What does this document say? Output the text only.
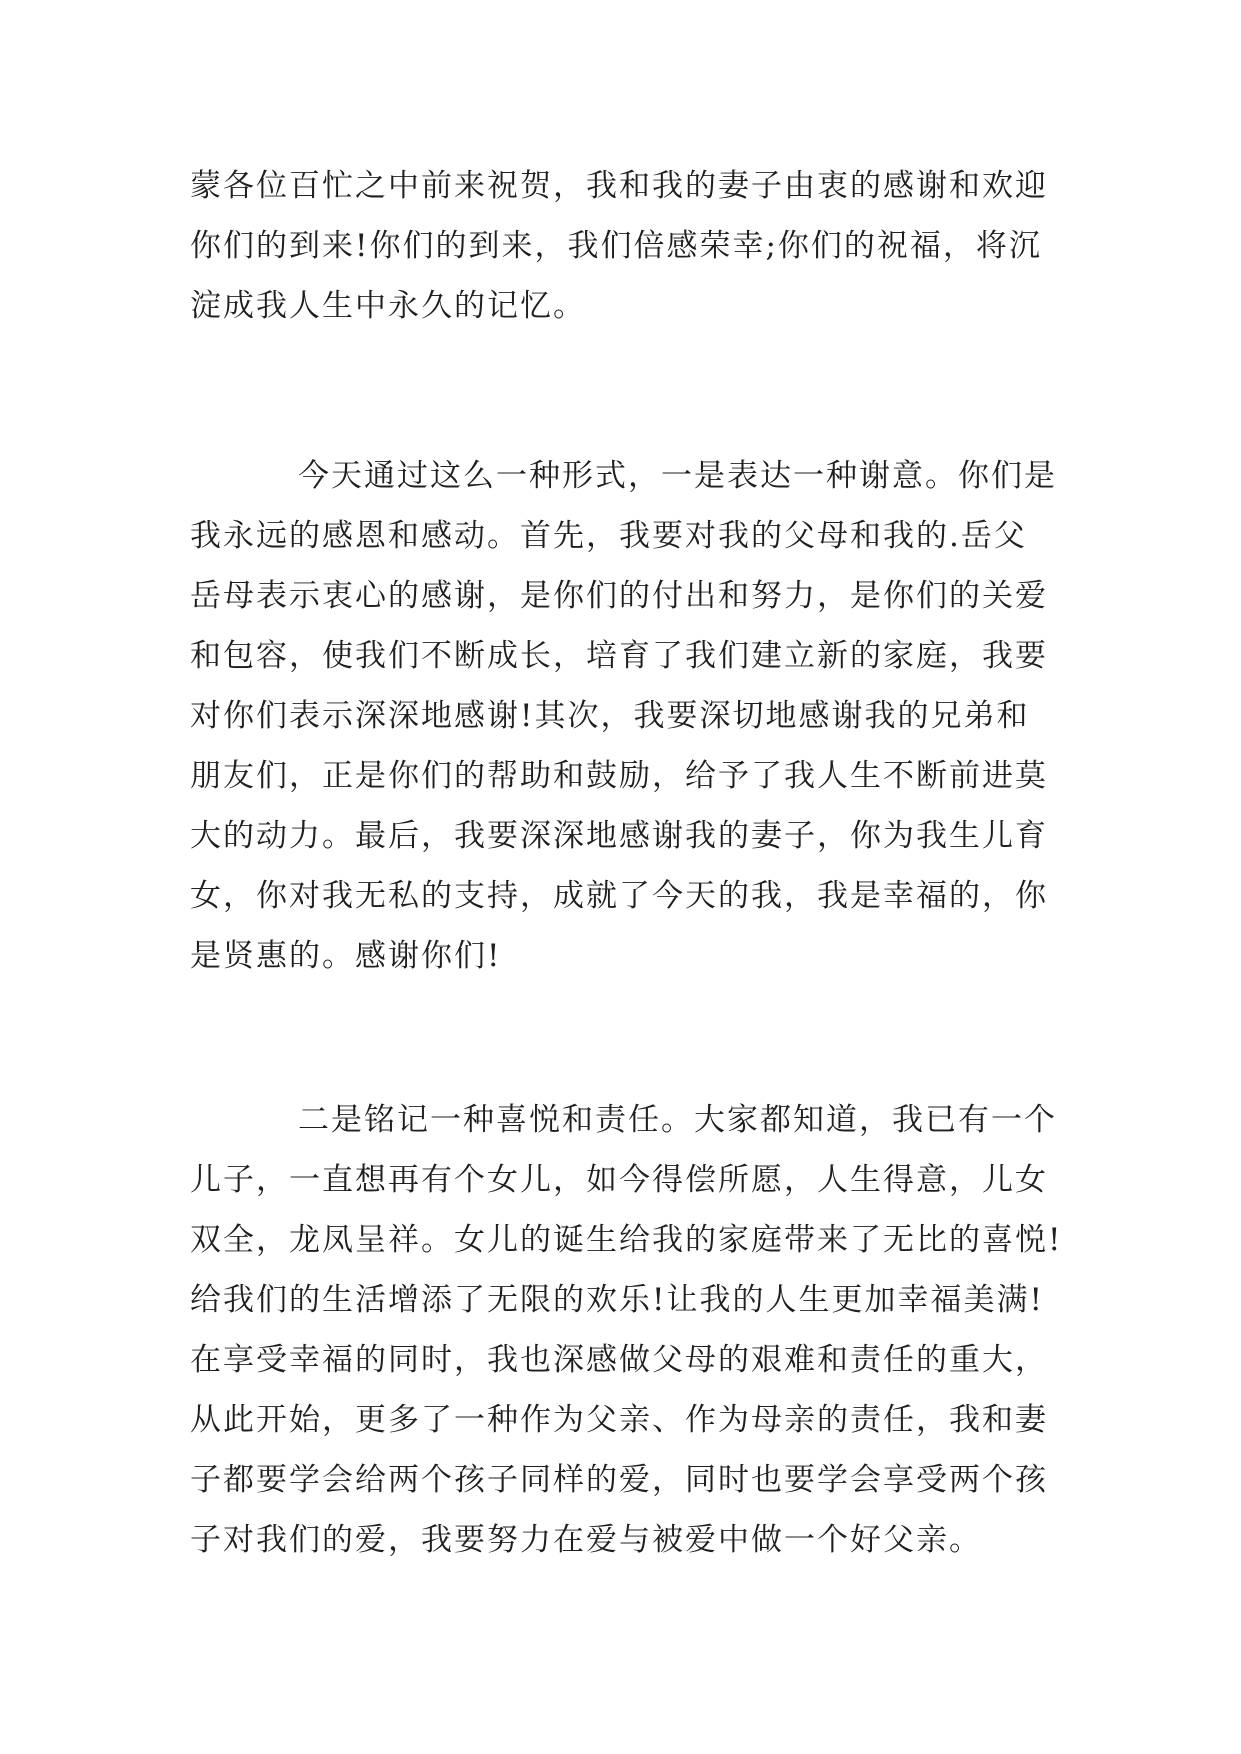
蒙各位百忙之中前来祝贺，我和我的妻子由衷的感谢和欢迎
你们的到来!你们的到来，我们倍感荣幸;你们的祝福，将沉
淀成我人生中永久的记忆。
今天通过这么一种形式，一是表达一种谢意。你们是
我永远的感恩和感动。首先，我要对我的父母和我的.岳父
岳母表示衷心的感谢，是你们的付出和努力，是你们的关爱
和包容，使我们不断成长，培育了我们建立新的家庭，我要
对你们表示深深地感谢!其次，我要深切地感谢我的兄弟和
朋友们，正是你们的帮助和鼓励，给予了我人生不断前进莫
大的动力。最后，我要深深地感谢我的妻子，你为我生儿育
女，你对我无私的支持，成就了今天的我，我是幸福的，你
是贤惠的。感谢你们!
二是铭记一种喜悦和责任。大家都知道，我已有一个
儿子，一直想再有个女儿，如今得偿所愿，人生得意，儿女
双全，龙凤呈祥。女儿的诞生给我的家庭带来了无比的喜悦!
给我们的生活增添了无限的欢乐!让我的人生更加幸福美满!
在享受幸福的同时，我也深感做父母的艰难和责任的重大，
从此开始，更多了一种作为父亲、作为母亲的责任，我和妻
子都要学会给两个孩子同样的爱，同时也要学会享受两个孩
子对我们的爱，我要努力在爱与被爱中做一个好父亲。
